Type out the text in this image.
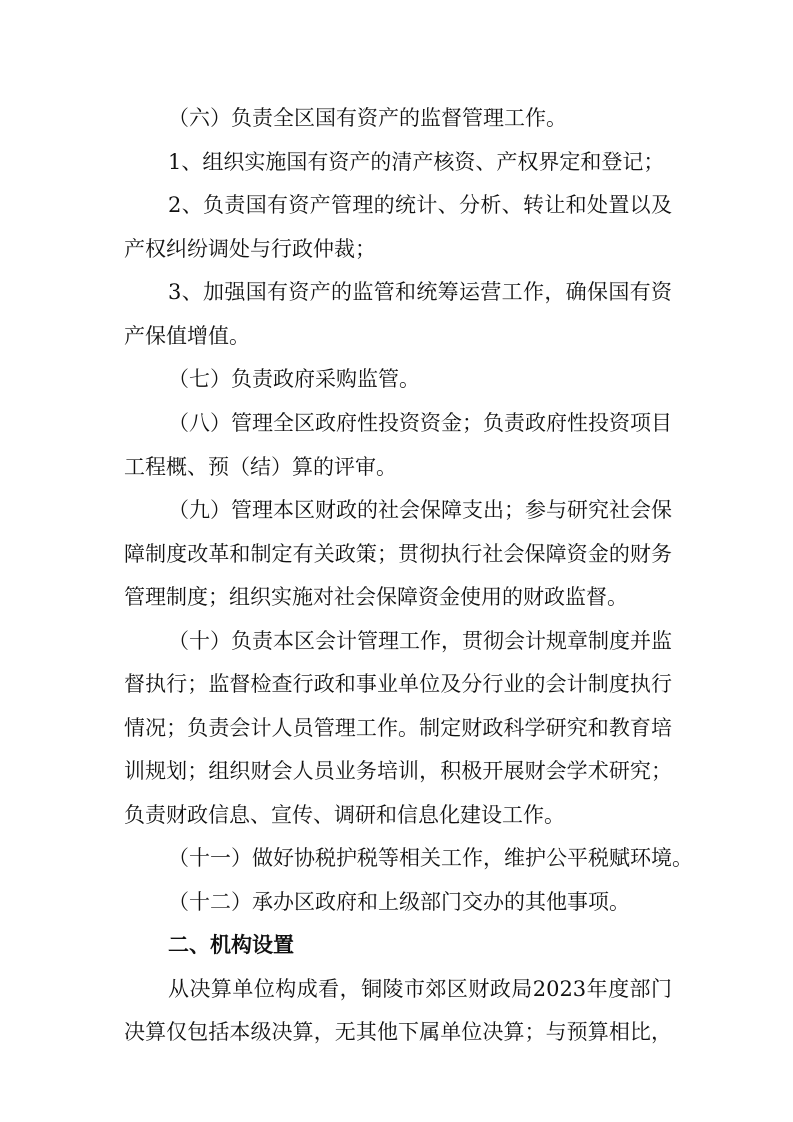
（六）负责全区国有资产的监督管理工作。
1、组织实施国有资产的清产核资、产权界定和登记；
2、负责国有资产管理的统计、分析、转让和处置以及
产权纠纷调处与行政仲裁；
3、加强国有资产的监管和统筹运营工作，确保国有资
产保值增值。
（七）负责政府采购监管。
（八）管理全区政府性投资资金；负责政府性投资项目
工程概、预（结）算的评审。
（九）管理本区财政的社会保障支出；参与研究社会保
障制度改革和制定有关政策；贯彻执行社会保障资金的财务
管理制度；组织实施对社会保障资金使用的财政监督。
（十）负责本区会计管理工作，贯彻会计规章制度并监
督执行；监督检查行政和事业单位及分行业的会计制度执行
情况；负责会计人员管理工作。制定财政科学研究和教育培
训规划；组织财会人员业务培训，积极开展财会学术研究；
负责财政信息、宣传、调研和信息化建设工作。
（十一）做好协税护税等相关工作，维护公平税赋环境。
（十二）承办区政府和上级部门交办的其他事项。
二、机构设置
从决算单位构成看，铜陵市郊区财政局2023年度部门
决算仅包括本级决算，无其他下属单位决算；与预算相比，
